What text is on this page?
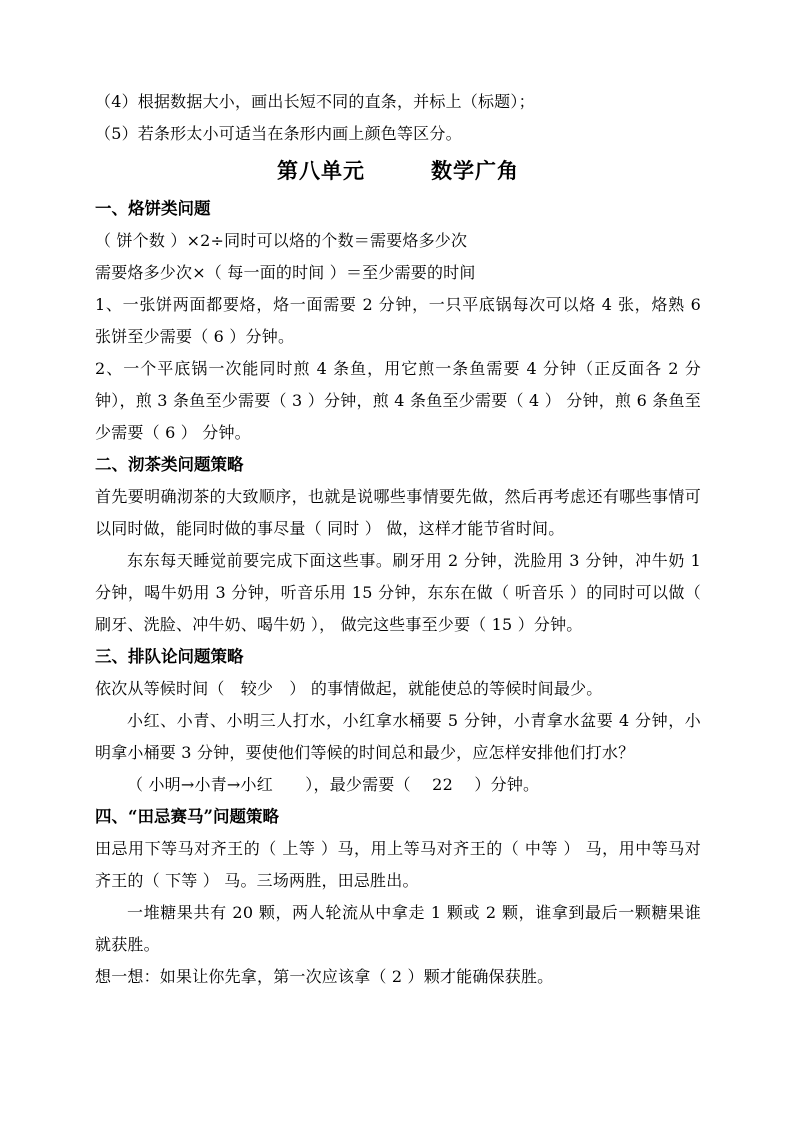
（4）根据数据大小，画出长短不同的直条，并标上（标题）；

（5）若条形太小可适当在条形内画上颜色等区分。

第八单元　　　数学广角

一、烙饼类问题

（ 饼个数 ）×2÷同时可以烙的个数＝需要烙多少次

需要烙多少次×（ 每一面的时间 ）＝至少需要的时间

1、一张饼两面都要烙，烙一面需要 2 分钟，一只平底锅每次可以烙 4 张，烙熟 6 张饼至少需要（ 6 ）分钟。

2、一个平底锅一次能同时煎 4 条鱼，用它煎一条鱼需要 4 分钟（正反面各 2 分钟），煎 3 条鱼至少需要（ 3 ）分钟，煎 4 条鱼至少需要（ 4 ） 分钟，煎 6 条鱼至少需要（ 6 ） 分钟。

二、沏茶类问题策略

首先要明确沏茶的大致顺序，也就是说哪些事情要先做，然后再考虑还有哪些事情可以同时做，能同时做的事尽量（ 同时 ） 做，这样才能节省时间。

东东每天睡觉前要完成下面这些事。刷牙用 2 分钟，洗脸用 3 分钟，冲牛奶 1 分钟，喝牛奶用 3 分钟，听音乐用 15 分钟，东东在做（ 听音乐 ）的同时可以做（ 刷牙、洗脸、冲牛奶、喝牛奶 ）， 做完这些事至少要（ 15 ）分钟。

三、排队论问题策略

依次从等候时间（　较少　） 的事情做起，就能使总的等候时间最少。

小红、小青、小明三人打水，小红拿水桶要 5 分钟，小青拿水盆要 4 分钟，小明拿小桶要 3 分钟，要使他们等候的时间总和最少，应怎样安排他们打水？

（ 小明→小青→小红　　），最少需要（　 22 　）分钟。

四、“田忌赛马”问题策略

田忌用下等马对齐王的（ 上等 ）马，用上等马对齐王的（ 中等 ） 马，用中等马对齐王的（ 下等 ） 马。三场两胜，田忌胜出。

一堆糖果共有 20 颗，两人轮流从中拿走 1 颗或 2 颗，谁拿到最后一颗糖果谁就获胜。

想一想：如果让你先拿，第一次应该拿（ 2 ）颗才能确保获胜。
